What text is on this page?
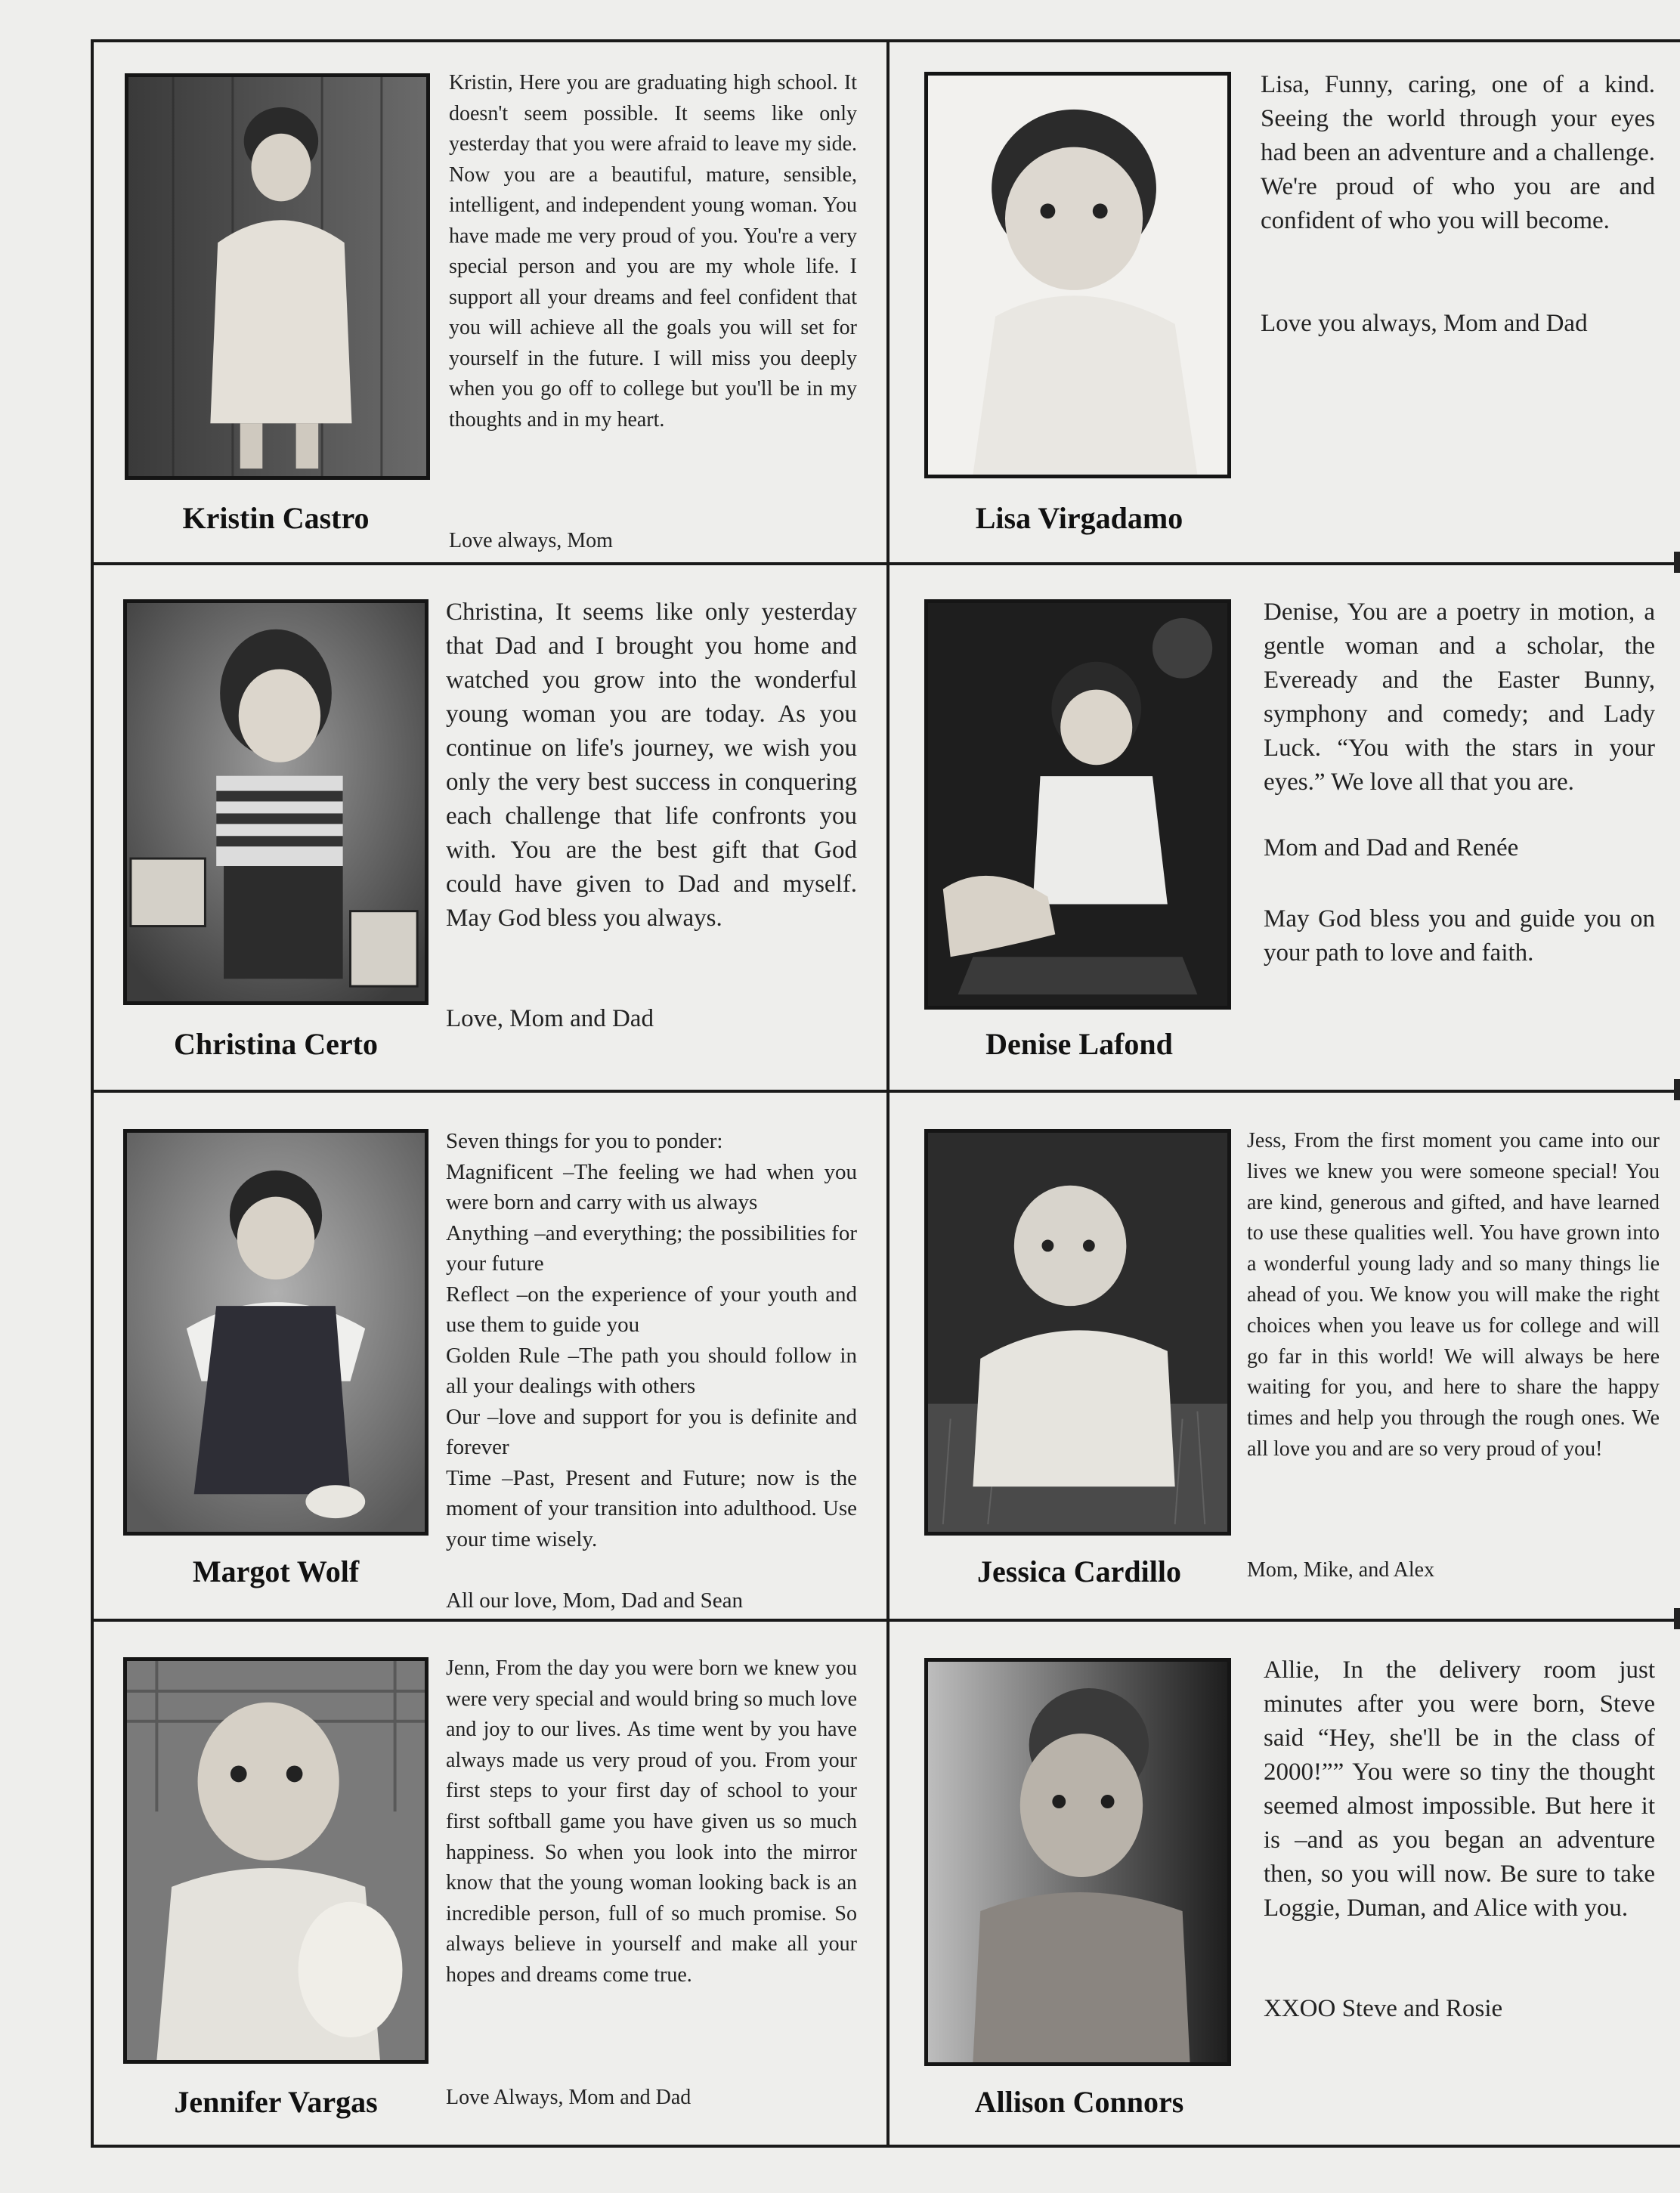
Kristin Castro

Kristin, Here you are graduating high school. It doesn't seem possible. It seems like only yesterday that you were afraid to leave my side. Now you are a beautiful, mature, sensible, intelligent, and independent young woman. You have made me very proud of you. You're a very special person and you are my whole life. I support all your dreams and feel confident that you will achieve all the goals you will set for yourself in the future. I will miss you deeply when you go off to college but you'll be in my thoughts and in my heart.

Love always, Mom
Lisa Virgadamo

Lisa, Funny, caring, one of a kind. Seeing the world through your eyes had been an adventure and a challenge. We're proud of who you are and confident of who you will become.

Love you always, Mom and Dad
Christina Certo

Christina, It seems like only yesterday that Dad and I brought you home and watched you grow into the wonderful young woman you are today. As you continue on life's journey, we wish you only the very best success in conquering each challenge that life confronts you with. You are the best gift that God could have given to Dad and myself. May God bless you always.

Love, Mom and Dad
Denise Lafond

Denise, You are a poetry in motion, a gentle woman and a scholar, the Eveready and the Easter Bunny, symphony and comedy; and Lady Luck. “You with the stars in your eyes.” We love all that you are.

Mom and Dad and Renée

May God bless you and guide you on your path to love and faith.

Margot Wolf

Seven things for you to ponder:
Magnificent –The feeling we had when you were born and carry with us always
Anything –and everything; the possibilities for your future
Reflect –on the experience of your youth and use them to guide you
Golden Rule –The path you should follow in all your dealings with others
Our –love and support for you is definite and forever
Time –Past, Present and Future; now is the moment of your transition into adulthood. Use your time wisely.

All our love, Mom, Dad and Sean
Jessica Cardillo

Jess, From the first moment you came into our lives we knew you were someone special! You are kind, generous and gifted, and have learned to use these qualities well. You have grown into a wonderful young lady and so many things lie ahead of you. We know you will make the right choices when you leave us for college and will go far in this world! We will always be here waiting for you, and here to share the happy times and help you through the rough ones. We all love you and are so very proud of you!

Mom, Mike, and Alex
Jennifer Vargas

Jenn, From the day you were born we knew you were very special and would bring so much love and joy to our lives. As time went by you have always made us very proud of you. From your first steps to your first day of school to your first softball game you have given us so much happiness. So when you look into the mirror know that the young woman looking back is an incredible person, full of so much promise. So always believe in yourself and make all your hopes and dreams come true.

Love Always, Mom and Dad	Allison Connors

Allie, In the delivery room just minutes after you were born, Steve said “Hey, she'll be in the class of 2000!”” You were so tiny the thought seemed almost impossible. But here it is –and as you began an adventure then, so you will now. Be sure to take Loggie, Duman, and Alice with you.

XXOO Steve and Rosie
